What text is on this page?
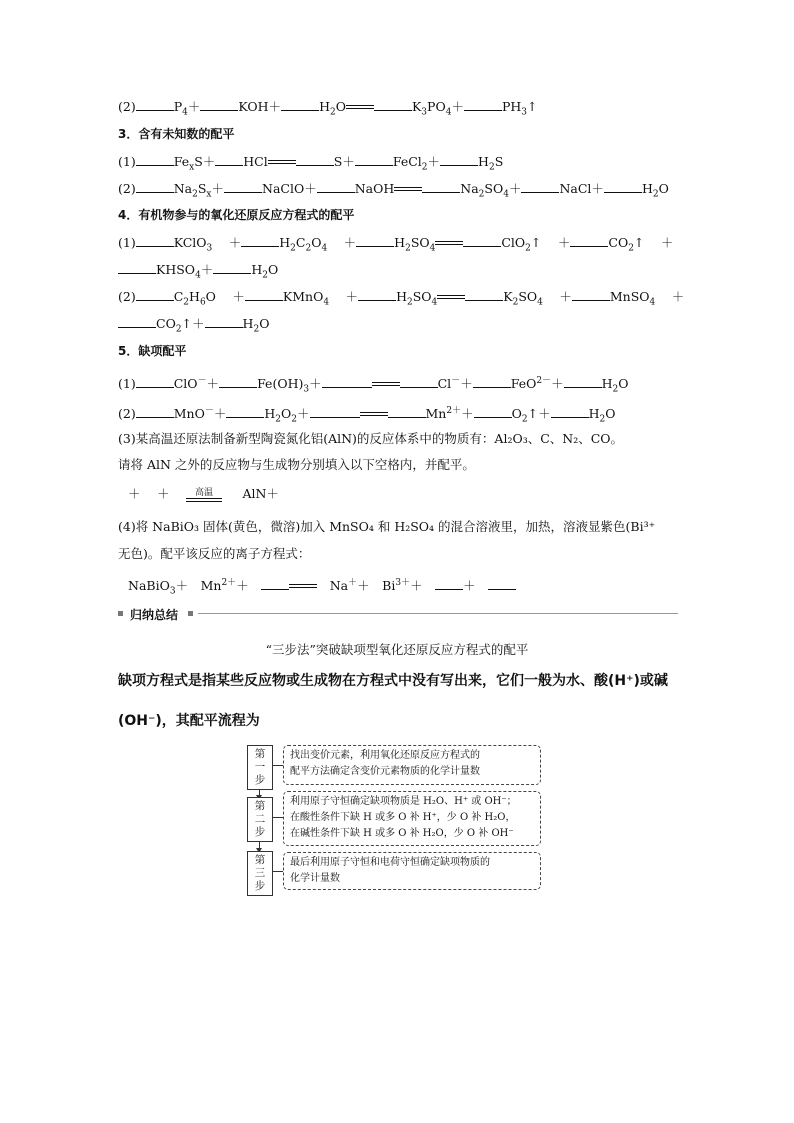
(2)	$P_4+$	KOH＋	$H_2O$	$K_3PO_4+$	$PH_3↑$
3．含有未知数的配平
(1)	$Fe_xS+$ HCl	S＋	FeCl$_2$＋	$H_2S$
(2)	$Na_2S_x+$	NaClO＋	NaOH	$Na_2SO_4+$	NaCl＋	$H_2O$
4．有机物参与的氧化还原反应方程式的配平
(1)	KClO$_3$ 　＋	$H_2C_2O_4$ 　＋	$H_2SO_4$	ClO$_2$↑ 　＋	$CO_2↑$ 　＋
$KHSO_4+$	$H_2O$
(2)	$C_2H_6O$ 　＋	KMnO$_4$ 　＋	$H_2SO_4$	$K_2SO_4$ 　＋	MnSO$_4$ 　＋
$CO_2↑+$	$H_2O$
5．缺项配平
(1)	ClO－＋	$Fe(OH)_3+$	Cl－＋	FeO$^{2-}$＋	$H_2O$
(2)	MnO－＋	$H_2O_2+$	$Mn^{2+}+$	$O_2↑+$	$H_2O$
(3)某高温还原法制备新型陶瓷氮化铝(AlN)的反应体系中的物质有：Al₂O₃、C、N₂、CO。
请将 AlN 之外的反应物与生成物分别填入以下空格内，并配平。
＋　 ＋　	高温
　	AlN＋
(4)将 NaBiO₃ 固体(黄色，微溶)加入 MnSO₄ 和 H₂SO₄ 的混合溶液里，加热，溶液显紫色(Bi³⁺
无色)。配平该反应的离子方程式：
NaBiO$_3$＋　 $Mn^{2+}+$　　	Na＋＋　 $Bi^{3+}+$　	＋　
归纳总结
“三步法”突破缺项型氧化还原反应方程式的配平
缺项方程式是指某些反应物或生成物在方程式中没有写出来，它们一般为水、酸(H⁺)或碱
(OH⁻)，其配平流程为
第
一
步
找出变价元素，利用氧化还原反应方程式的
配平方法确定含变价元素物质的化学计量数
第
二
步
利用原子守恒确定缺项物质是 H₂O、H⁺ 或 OH⁻；
在酸性条件下缺 H 或多 O 补 H⁺，少 O 补 H₂O，
在碱性条件下缺 H 或多 O 补 H₂O，少 O 补 OH⁻
第
三
步
最后利用原子守恒和电荷守恒确定缺项物质的
化学计量数
